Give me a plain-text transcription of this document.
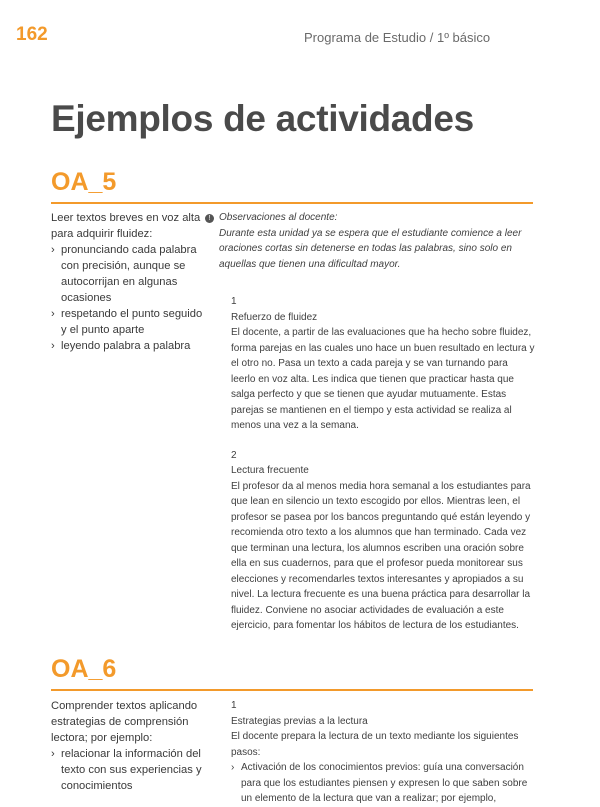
162	Programa de Estudio / 1º básico
Ejemplos de actividades
OA_5
Leer textos breves en voz alta para adquirir fluidez:
› pronunciando cada palabra con precisión, aunque se autocorrijan en algunas ocasiones
› respetando el punto seguido y el punto aparte
› leyendo palabra a palabra
! Observaciones al docente:
Durante esta unidad ya se espera que el estudiante comience a leer oraciones cortas sin detenerse en todas las palabras, sino solo en aquellas que tienen una dificultad mayor.
1
Refuerzo de fluidez

El docente, a partir de las evaluaciones que ha hecho sobre fluidez, forma parejas en las cuales uno hace un buen resultado en lectura y el otro no. Pasa un texto a cada pareja y se van turnando para leerlo en voz alta. Les indica que tienen que practicar hasta que salga perfecto y que se tienen que ayudar mutuamente. Estas parejas se mantienen en el tiempo y esta actividad se realiza al menos una vez a la semana.

2
Lectura frecuente

El profesor da al menos media hora semanal a los estudiantes para que lean en silencio un texto escogido por ellos. Mientras leen, el profesor se pasea por los bancos preguntando qué están leyendo y recomienda otro texto a los alumnos que han terminado. Cada vez que terminan una lectura, los alumnos escriben una oración sobre ella en sus cuadernos, para que el profesor pueda monitorear sus elecciones y recomendarles textos interesantes y apropiados a su nivel. La lectura frecuente es una buena práctica para desarrollar la fluidez. Conviene no asociar actividades de evaluación a este ejercicio, para fomentar los hábitos de lectura de los estudiantes.

OA_6
Comprender textos aplicando estrategias de comprensión lectora; por ejemplo:
› relacionar la información del texto con sus experiencias y conocimientos
1
Estrategias previas a la lectura

El docente prepara la lectura de un texto mediante los siguientes pasos:

› Activación de los conocimientos previos: guía una conversación para que los estudiantes piensen y expresen lo que saben sobre un elemento de la lectura que van a realizar; por ejemplo,
